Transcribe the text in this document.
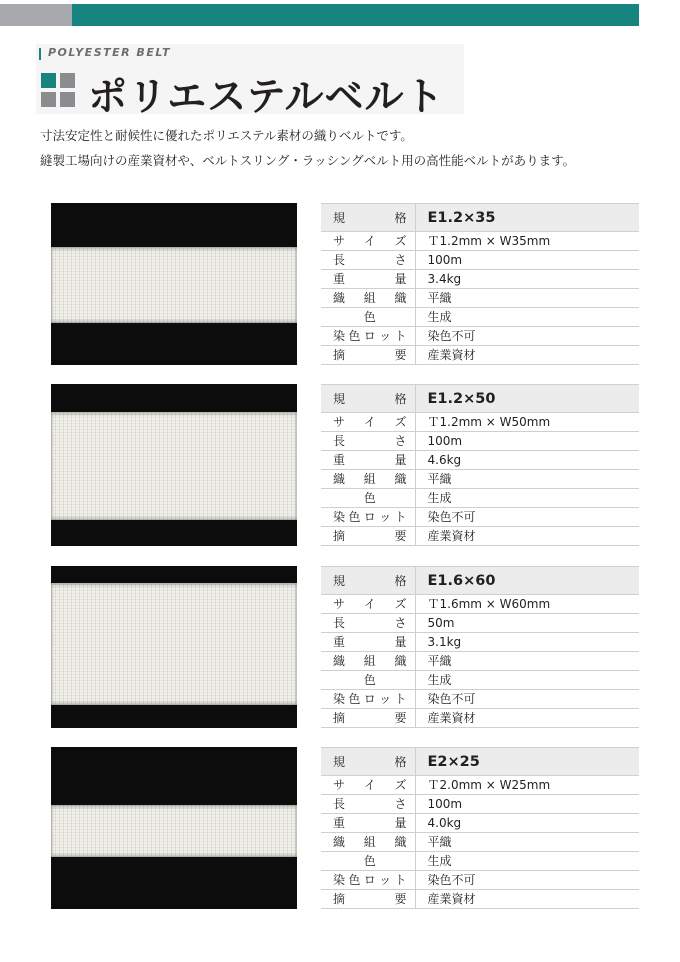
POLYESTER BELT
ポリエステルベルト

寸法安定性と耐候性に優れたポリエステル素材の織りベルトです。

縫製工場向けの産業資材や、ベルトスリング・ラッシングベルト用の高性能ベルトがあります。

規 格	E1.2×35

サ イ ズ	Ｔ1.2mm × W35mm

長 さ	100m

重 量	3.4kg

織 組 織	平織

色	生成

染 色 ロ ッ ト	染色不可

摘 要	産業資材
規 格	E1.2×50

サ イ ズ	Ｔ1.2mm × W50mm

長 さ	100m

重 量	4.6kg

織 組 織	平織

色	生成

染 色 ロ ッ ト	染色不可

摘 要	産業資材
規 格	E1.6×60

サ イ ズ	Ｔ1.6mm × W60mm

長 さ	50m

重 量	3.1kg

織 組 織	平織

色	生成

染 色 ロ ッ ト	染色不可

摘 要	産業資材
規 格	E2×25

サ イ ズ	Ｔ2.0mm × W25mm

長 さ	100m

重 量	4.0kg

織 組 織	平織

色	生成

染 色 ロ ッ ト	染色不可

摘 要	産業資材
